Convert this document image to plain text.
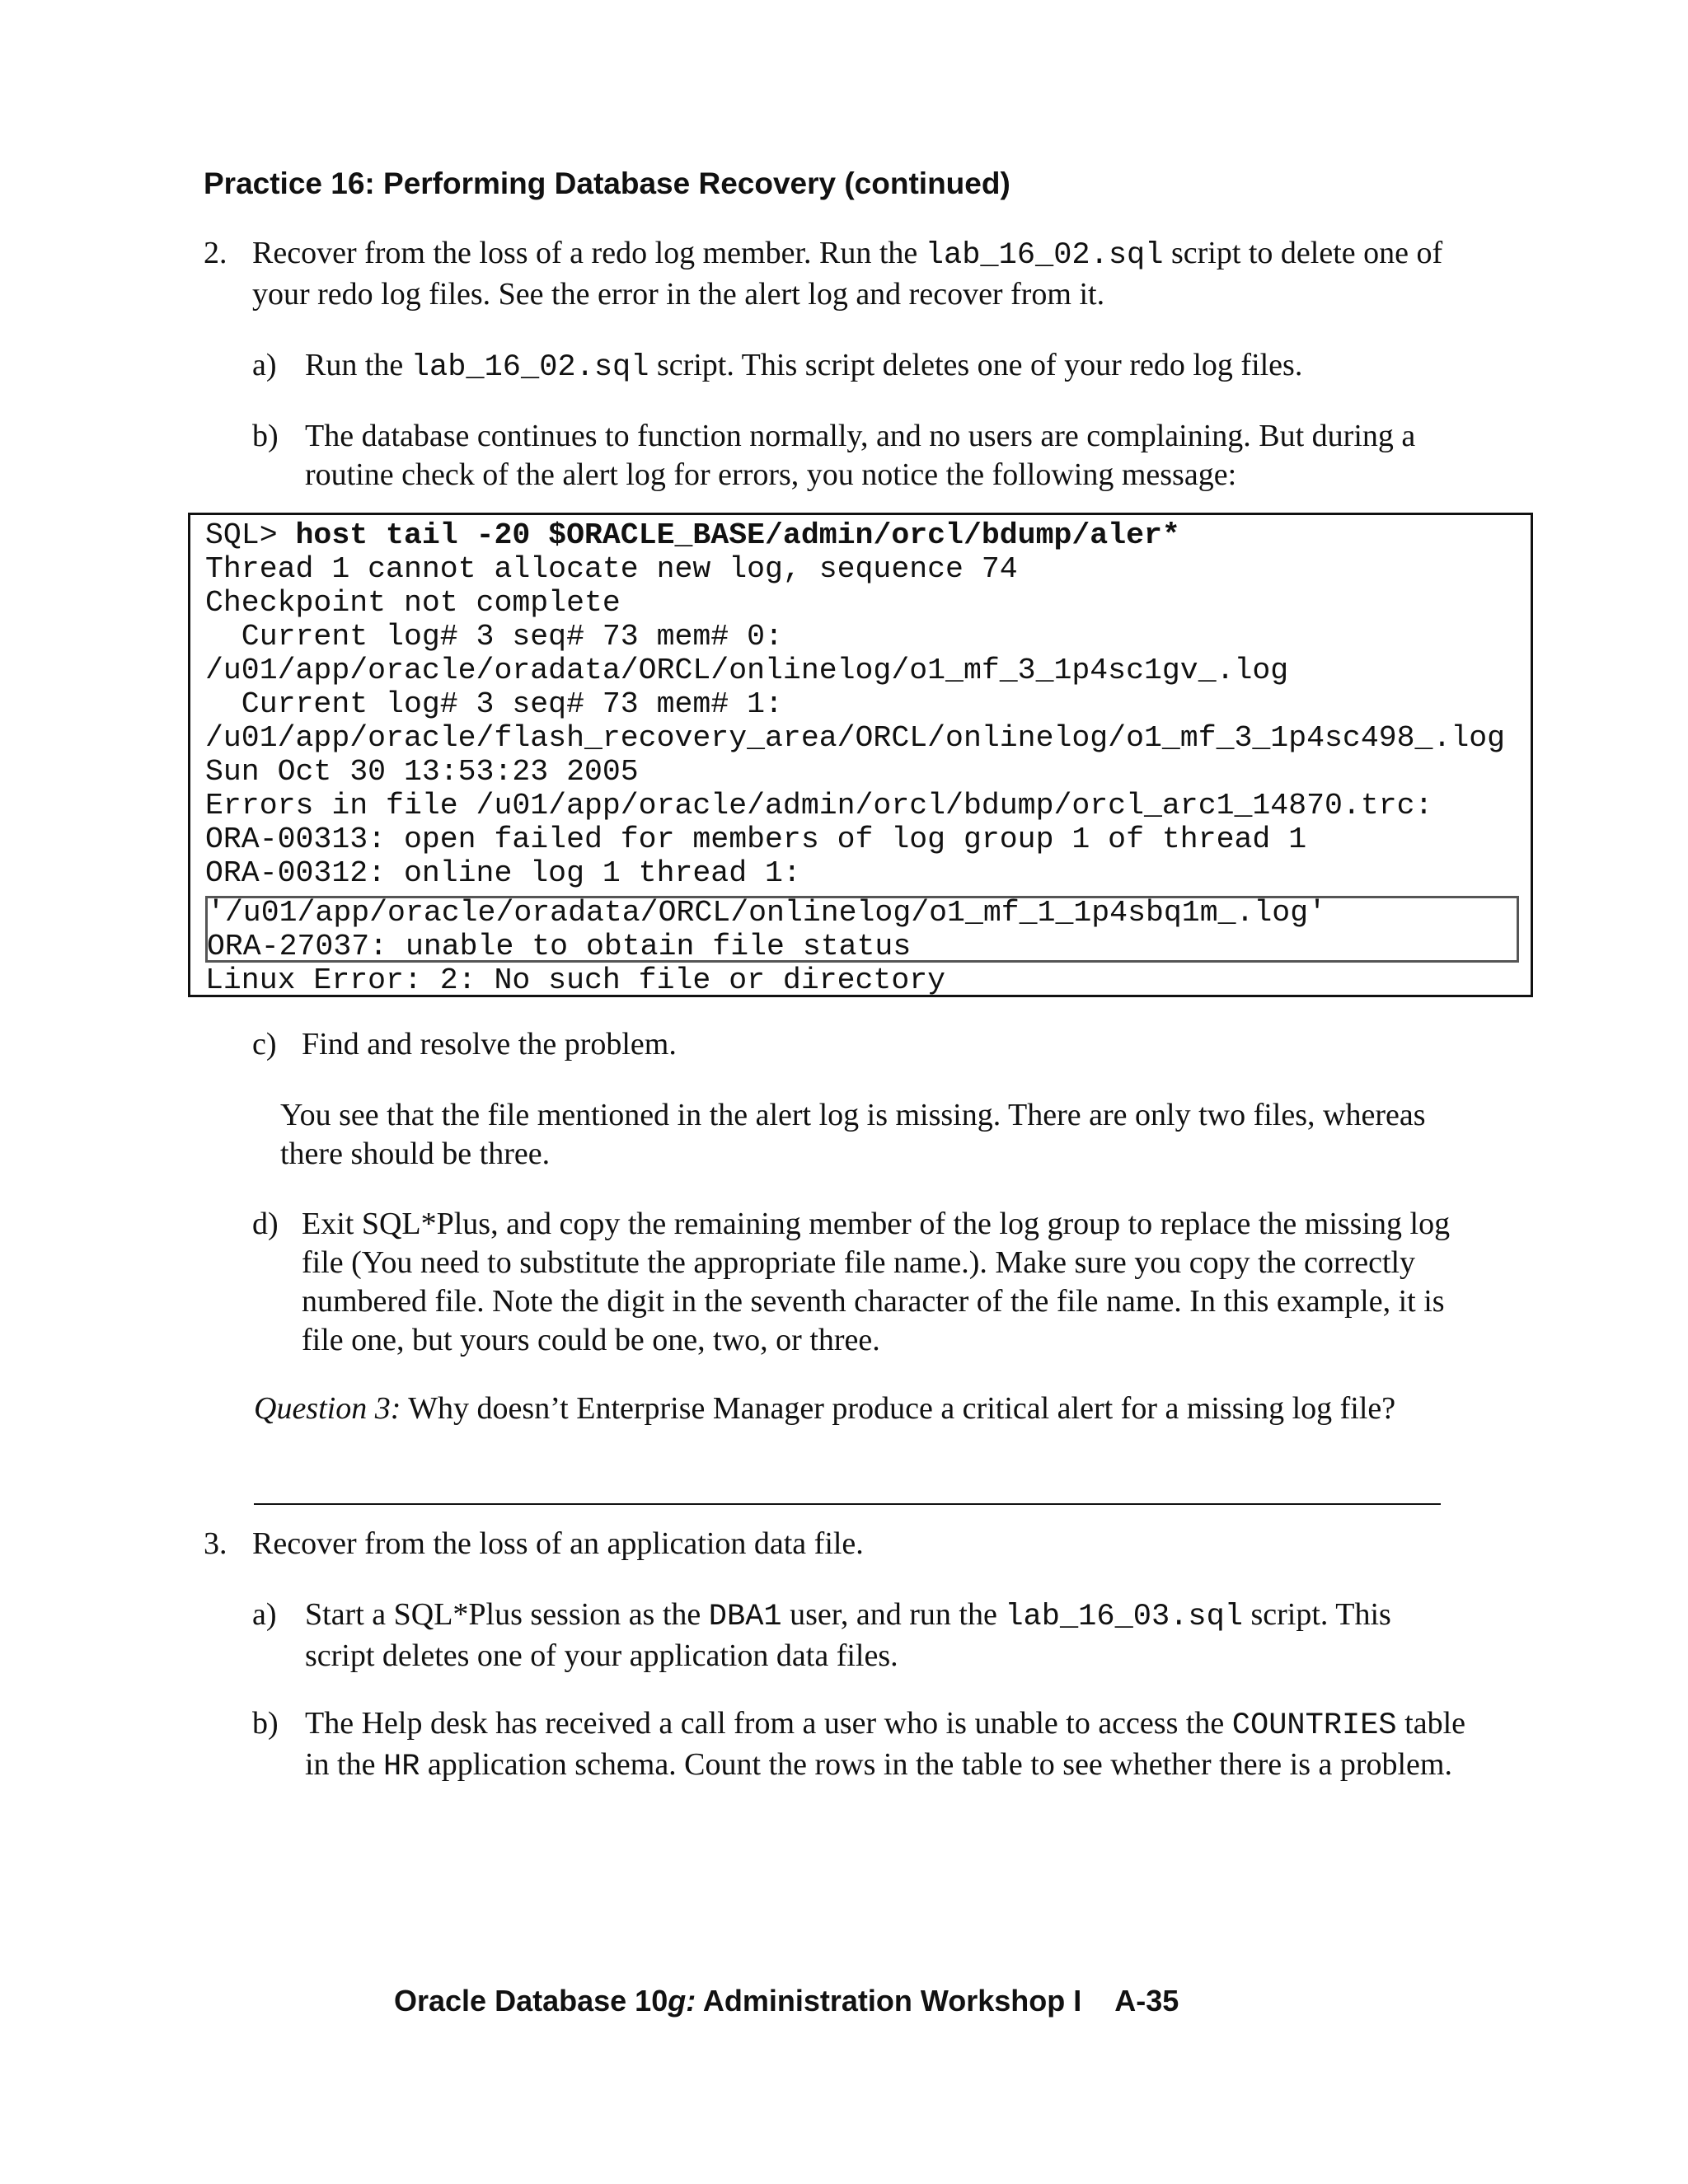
Practice 16: Performing Database Recovery (continued)
2. Recover from the loss of a redo log member. Run the lab_16_02.sql script to delete one of your redo log files. See the error in the alert log and recover from it.
a) Run the lab_16_02.sql script. This script deletes one of your redo log files.
b) The database continues to function normally, and no users are complaining. But during a routine check of the alert log for errors, you notice the following message:
SQL> host tail -20 $ORACLE_BASE/admin/orcl/bdump/aler*
Thread 1 cannot allocate new log, sequence 74
Checkpoint not complete
Current log# 3 seq# 73 mem# 0:
/u01/app/oracle/oradata/ORCL/onlinelog/o1_mf_3_1p4sc1gv_.log
Current log# 3 seq# 73 mem# 1:
/u01/app/oracle/flash_recovery_area/ORCL/onlinelog/o1_mf_3_1p4sc498_.log
Sun Oct 30 13:53:23 2005
Errors in file /u01/app/oracle/admin/orcl/bdump/orcl_arc1_14870.trc:
ORA-00313: open failed for members of log group 1 of thread 1
ORA-00312: online log 1 thread 1:
'/u01/app/oracle/oradata/ORCL/onlinelog/o1_mf_1_1p4sbq1m_.log'
ORA-27037: unable to obtain file status
Linux Error: 2: No such file or directory
c) Find and resolve the problem.
You see that the file mentioned in the alert log is missing. There are only two files, whereas there should be three.
d) Exit SQL*Plus, and copy the remaining member of the log group to replace the missing log file (You need to substitute the appropriate file name.). Make sure you copy the correctly numbered file. Note the digit in the seventh character of the file name. In this example, it is file one, but yours could be one, two, or three.
Question 3: Why doesn’t Enterprise Manager produce a critical alert for a missing log file?
3. Recover from the loss of an application data file.
a) Start a SQL*Plus session as the DBA1 user, and run the lab_16_03.sql script. This script deletes one of your application data files.
b) The Help desk has received a call from a user who is unable to access the COUNTRIES table in the HR application schema. Count the rows in the table to see whether there is a problem.
Oracle Database 10g: Administration Workshop I A-35
